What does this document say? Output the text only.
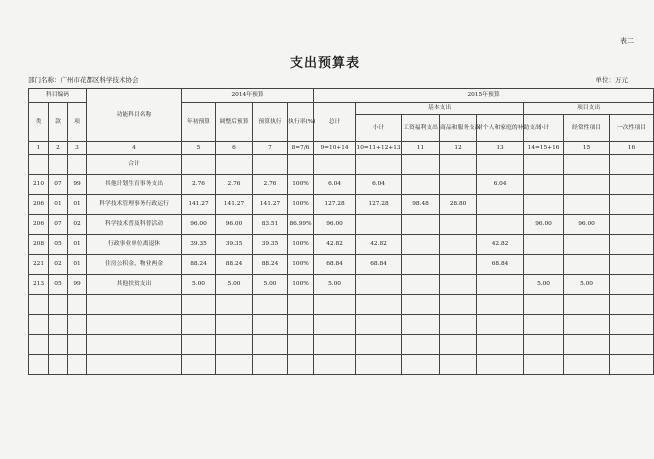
表二
支出预算表
部门名称：广州市花都区科学技术协会	单位：万元
科目编码			功能科目名称	2014年预算				2015年预算							
类	款	项		年初预算	调整后预算	预算执行	执行率(%)	总计	基本支出				项目支出		
									小计	工资福利支出	商品和服务支出	对个人和家庭的补助支出	小计	经常性项目	一次性项目
1	2	3	4	5	6	7	8=7/6	9=10+14	10=11+12+13	11	12	13	14=15+16	15	16
			合计												
210	07	99	其他计划生育事务支出	2.76	2.76	2.76	100%	6.04	6.04			6.04			
206	01	01	科学技术管理事务行政运行	141.27	141.27	141.27	100%	127.28	127.28	98.48	28.80				
206	07	02	科学技术普及科普活动	96.00	96.00	83.51	86.99%	96.00					96.00	96.00	
208	05	01	行政事业单位离退休	39.35	39.35	39.35	100%	42.82	42.82			42.82			
221	02	01	住房公积金、物业两金	88.24	88.24	88.24	100%	68.84	68.84			68.84			
213	05	99	其他扶贫支出	5.00	5.00	5.00	100%	5.00					5.00	5.00	
